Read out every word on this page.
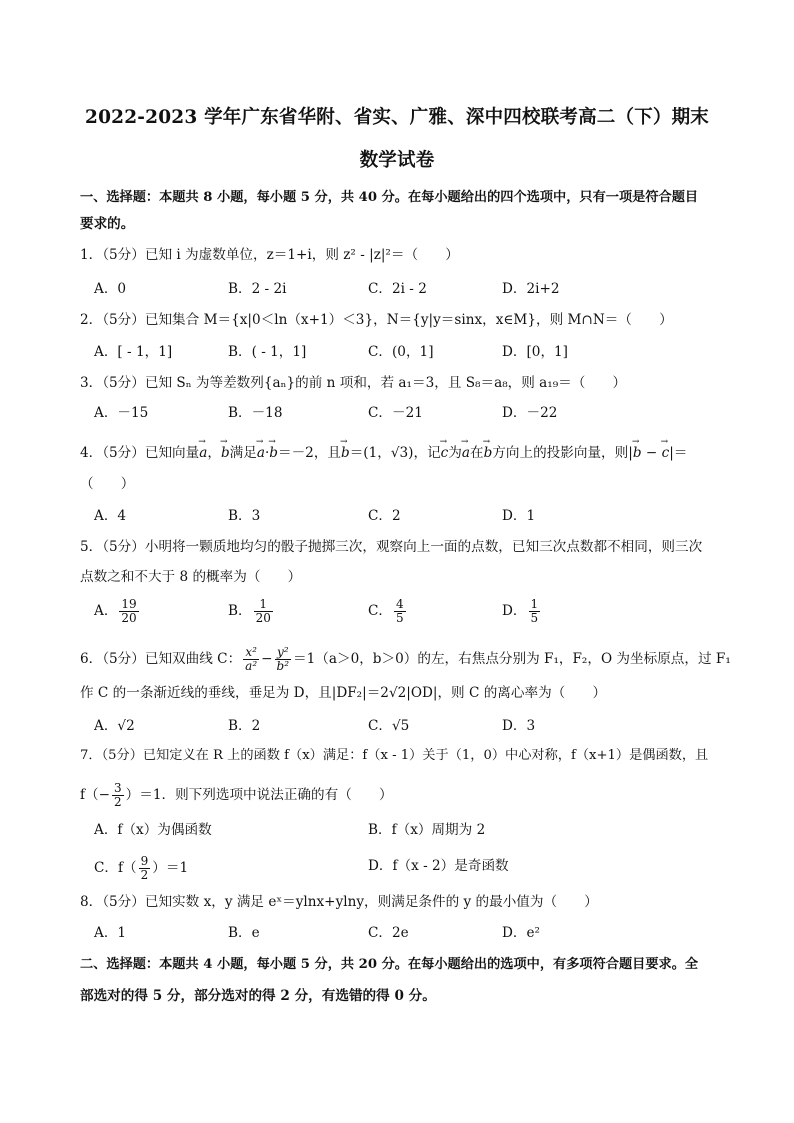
2022-2023 学年广东省华附、省实、广雅、深中四校联考高二（下）期末
数学试卷
一、选择题：本题共 8 小题，每小题 5 分，共 40 分。在每小题给出的四个选项中，只有一项是符合题目
要求的。
1．（5分）已知 i 为虚数单位，z＝1+i，则 z² - |z|²＝（　　）
A．0	B．2 - 2i	C．2i - 2	D．2i+2
2．（5分）已知集合 M＝{x|0＜ln（x+1）＜3}，N＝{y|y＝sinx，x∈M}，则 M∩N＝（　　）
A．[ - 1，1]	B．( - 1，1]	C．(0，1]	D．[0，1]
3．（5分）已知 Sₙ 为等差数列{aₙ}的前 n 项和，若 a₁＝3，且 S₈＝a₈，则 a₁₉＝（　　）
A．－15	B．－18	C．－21	D．－22
4．（5分）已知向量→ a，→ b满足→ a·→ b＝－2，且→ b＝(1，√3)，记→ c为→ a在→ b方向上的投影向量，则|→ b − → c|＝
（　　）
A．4	B．3	C．2	D．1
5．（5分）小明将一颗质地均匀的骰子抛掷三次，观察向上一面的点数，已知三次点数都不相同，则三次
点数之和不大于 8 的概率为（　　）
A． $\frac{19}{20}$	B． $\frac{1}{20}$	C． $\frac{4}{5}$	D． $\frac{1}{5}$
6．（5分）已知双曲线 C： $\frac{\text{x²}}{\text{a²}} - \frac{\text{y²}}{\text{b²}} =1(a>0$，b＞0）的左，右焦点分别为 F₁，F₂，O 为坐标原点，过 F₁
作 C 的一条渐近线的垂线，垂足为 D，且|DF₂|＝2√2|OD|，则 C 的离心率为（　　）
A．√2	B．2	C．√5	D．3
7．（5分）已知定义在 R 上的函数 f（x）满足：f（x - 1）关于（1，0）中心对称，f（x+1）是偶函数，且
$f(- \frac{3}{2} )=1$．则下列选项中说法正确的有（　　）
A．f（x）为偶函数	B．f（x）周期为 2
C．$f( \frac{9}{2} )=1$	D．f（x - 2）是奇函数
8．（5分）已知实数 x，y 满足 eˣ＝ylnx+ylny，则满足条件的 y 的最小值为（　　）
A．1	B．e	C．2e	D．e²
二、选择题：本题共 4 小题，每小题 5 分，共 20 分。在每小题给出的选项中，有多项符合题目要求。全
部选对的得 5 分，部分选对的得 2 分，有选错的得 0 分。
